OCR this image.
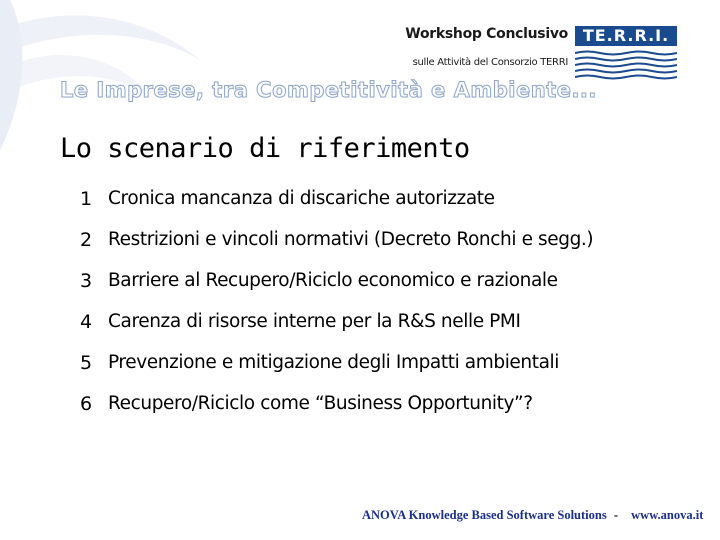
Workshop Conclusivo
sulle Attività del Consorzio TERRI
TE.R.R.I.
Le Imprese, tra Competitività e Ambiente...
Lo scenario di riferimento
1 Cronica mancanza di discariche autorizzate
2 Restrizioni e vincoli normativi (Decreto Ronchi e segg.)
3 Barriere al Recupero/Riciclo economico e razionale
4 Carenza di risorse interne per la R&S nelle PMI
5 Prevenzione e mitigazione degli Impatti ambientali
6 Recupero/Riciclo come “Business Opportunity”?
ANOVA Knowledge Based Software Solutions - www.anova.it
